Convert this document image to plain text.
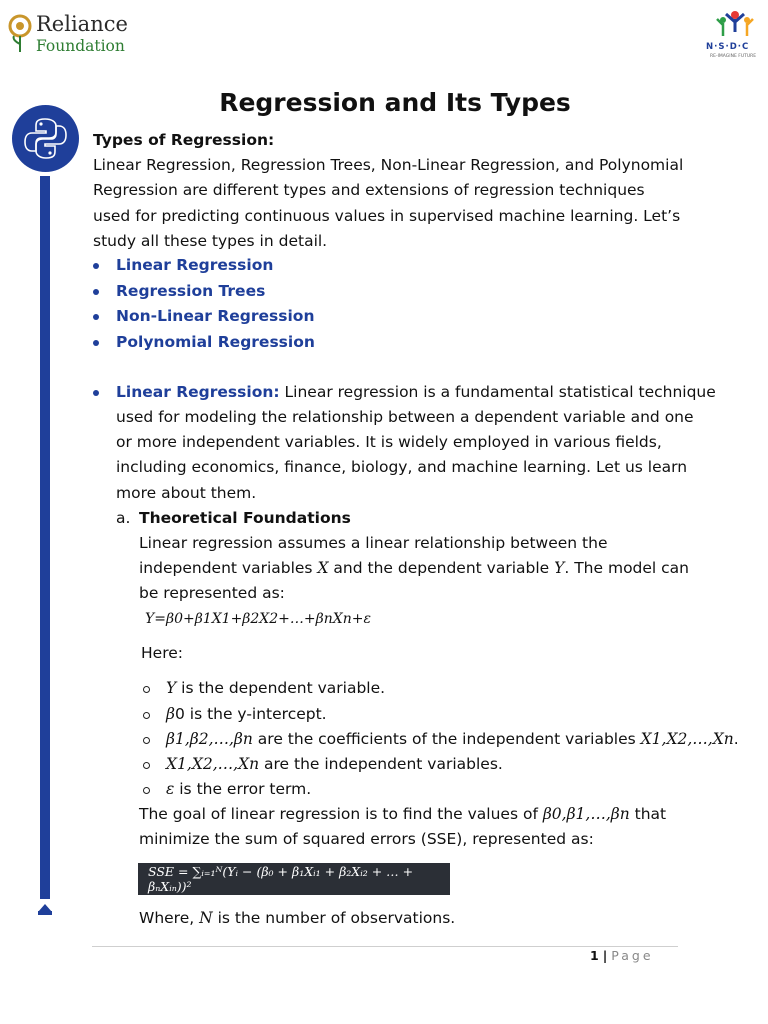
Reliance
Foundation	N·S·D·C
RE-IMAGINE FUTURE
Regression and Its Types
Types of Regression:
Linear Regression, Regression Trees, Non-Linear Regression, and Polynomial
Regression are different types and extensions of regression techniques
used for predicting continuous values in supervised machine learning. Let’s
study all these types in detail.
Linear Regression
Regression Trees
Non-Linear Regression
Polynomial Regression
Linear Regression: Linear regression is a fundamental statistical technique
used for modeling the relationship between a dependent variable and one
or more independent variables. It is widely employed in various fields,
including economics, finance, biology, and machine learning. Let us learn
more about them.
a. Theoretical Foundations
Linear regression assumes a linear relationship between the
independent variables X and the dependent variable Y. The model can
be represented as:
Y=β0+β1X1+β2X2+…+βnXn+ε
Here:
Y is the dependent variable.
β0 is the y-intercept.
β1,β2,…,βn are the coefficients of the independent variables X1,X2,…,Xn.
X1,X2,…,Xn are the independent variables.
ε is the error term.
The goal of linear regression is to find the values of β0,β1,…,βn that
minimize the sum of squared errors (SSE), represented as:
SSE = ∑ᵢ₌₁ᴺ(Yᵢ − (β₀ + β₁Xᵢ₁ + β₂Xᵢ₂ + … + βₙXᵢₙ))²
Where, N is the number of observations.
1 | Page
